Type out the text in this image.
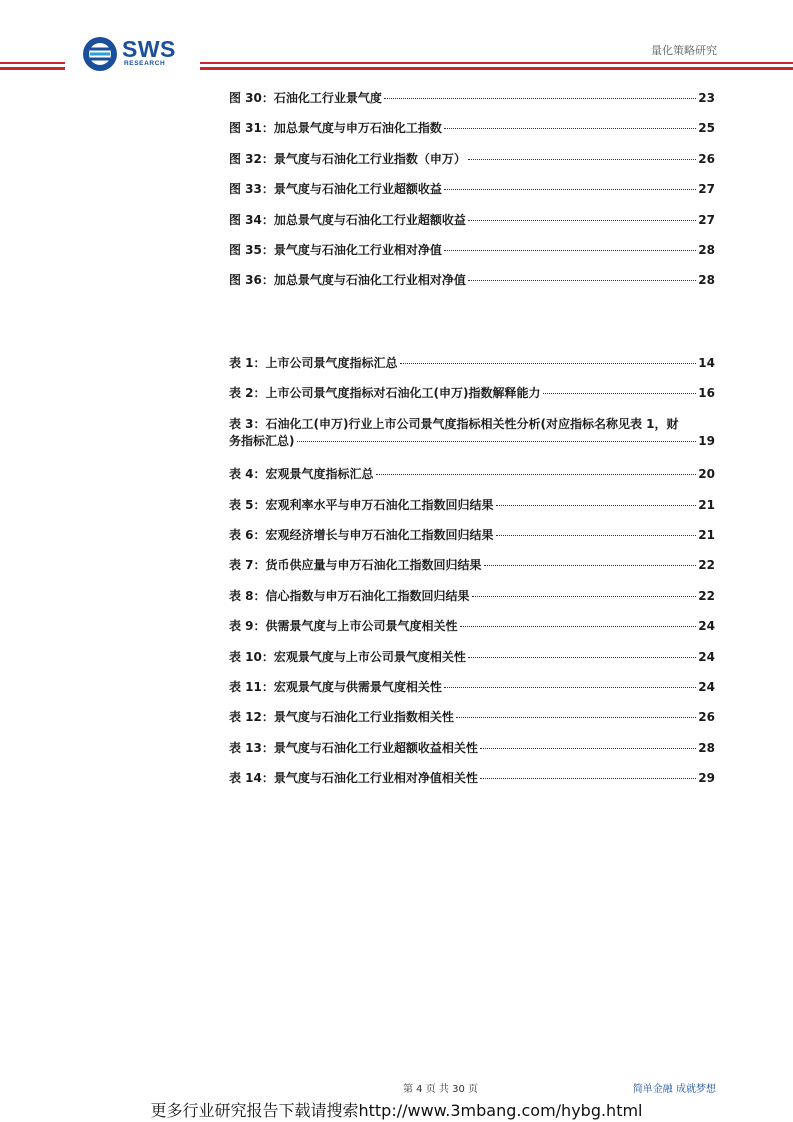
SWS
RESEARCH
量化策略研究
图 30：石油化工行业景气度	23
图 31：加总景气度与申万石油化工指数	25
图 32：景气度与石油化工行业指数（申万）	26
图 33：景气度与石油化工行业超额收益	27
图 34：加总景气度与石油化工行业超额收益	27
图 35：景气度与石油化工行业相对净值	28
图 36：加总景气度与石油化工行业相对净值	28
表 1：上市公司景气度指标汇总	14
表 2：上市公司景气度指标对石油化工(申万)指数解释能力	16
表 3：石油化工(申万)行业上市公司景气度指标相关性分析(对应指标名称见表 1，财
务指标汇总)	19
表 4：宏观景气度指标汇总	20
表 5：宏观利率水平与申万石油化工指数回归结果	21
表 6：宏观经济增长与申万石油化工指数回归结果	21
表 7：货币供应量与申万石油化工指数回归结果	22
表 8：信心指数与申万石油化工指数回归结果	22
表 9：供需景气度与上市公司景气度相关性	24
表 10：宏观景气度与上市公司景气度相关性	24
表 11：宏观景气度与供需景气度相关性	24
表 12：景气度与石油化工行业指数相关性	26
表 13：景气度与石油化工行业超额收益相关性	28
表 14：景气度与石油化工行业相对净值相关性	29
第 4 页 共 30 页	简单金融 成就梦想
更多行业研究报告下载请搜索http://www.3mbang.com/hybg.html
